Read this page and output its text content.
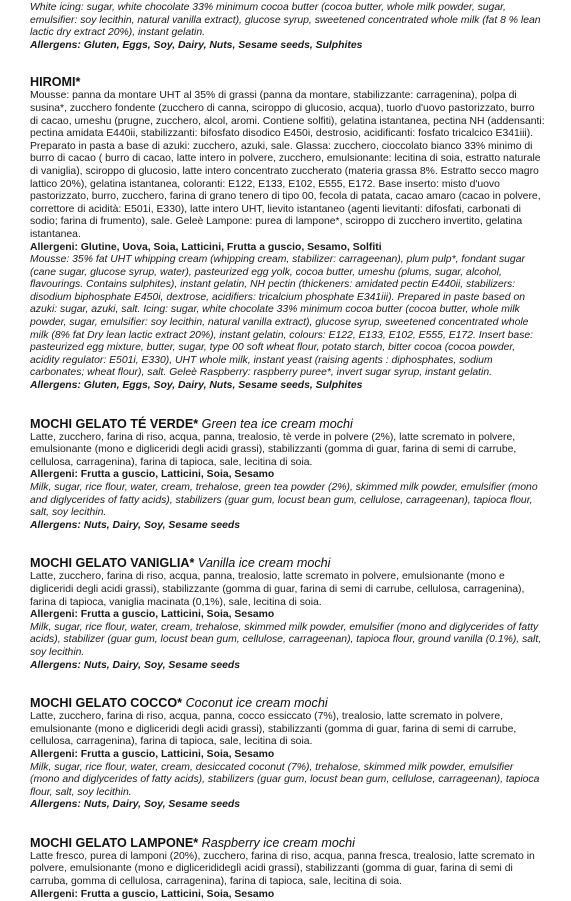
White icing: sugar, white chocolate 33% minimum cocoa butter (cocoa butter, whole milk powder, sugar, emulsifier: soy lecithin, natural vanilla extract), glucose syrup, sweetened concentrated whole milk (fat 8 % lean lactic dry extract 20%), instant gelatin.

Allergens: Gluten, Eggs, Soy, Dairy, Nuts, Sesame seeds, Sulphites

HIROMI*

Mousse: panna da montare UHT al 35% di grassi (panna da montare, stabilizzante: carragenina), polpa di susina*, zucchero fondente (zucchero di canna, sciroppo di glucosio, acqua), tuorlo d'uovo pastorizzato, burro di cacao, umeshu (prugne, zucchero, alcol, aromi. Contiene solfiti), gelatina istantanea, pectina NH (addensanti: pectina amidata E440ii, stabilizzanti: bifosfato disodico E450i, destrosio, acidificanti: fosfato tricalcico E341iii). Preparato in pasta a base di azuki: zucchero, azuki, sale. Glassa: zucchero, cioccolato bianco 33% minimo di burro di cacao ( burro di cacao, latte intero in polvere, zucchero, emulsionante: lecitina di soia, estratto naturale di vaniglia), sciroppo di glucosio, latte intero concentrato zuccherato (materia grassa 8%. Estratto secco magro lattico 20%), gelatina istantanea, coloranti: E122, E133, E102, E555, E172. Base inserto: misto d'uovo pastorizzato, burro, zucchero, farina di grano tenero di tipo 00, fecola di patata, cacao amaro (cacao in polvere, correttore di acidità: E501i, E330), latte intero UHT, lievito istantaneo (agenti lievitanti: difosfati, carbonati di sodio; farina di frumento), sale. Geleè Lampone: purea di lampone*, sciroppo di zucchero invertito, gelatina istantanea.

Allergeni: Glutine, Uova, Soia, Latticini, Frutta a guscio, Sesamo, Solfiti

Mousse: 35% fat UHT whipping cream (whipping cream, stabilizer: carrageenan), plum pulp*, fondant sugar (cane sugar, glucose syrup, water), pasteurized egg yolk, cocoa butter, umeshu (plums, sugar, alcohol, flavourings. Contains sulphites), instant gelatin, NH pectin (thickeners: amidated pectin E440ii, stabilizers: disodium biphosphate E450i, dextrose, acidifiers: tricalcium phosphate E341iii). Prepared in paste based on azuki: sugar, azuki, salt. Icing: sugar, white chocolate 33% minimum cocoa butter (cocoa butter, whole milk powder, sugar, emulsifier: soy lecithin, natural vanilla extract), glucose syrup, sweetened concentrated whole milk (8% fat Dry lean lactic extract 20%), instant gelatin, colours: E122, E133, E102, E555, E172. Insert base: pasteurized egg mixture, butter, sugar, type 00 soft wheat flour, potato starch, bitter cocoa (cocoa powder, acidity regulator: E501i, E330), UHT whole milk, instant yeast (raising agents : diphosphates, sodium carbonates; wheat flour), salt. Geleè Raspberry: raspberry puree*, invert sugar syrup, instant gelatin.

Allergens: Gluten, Eggs, Soy, Dairy, Nuts, Sesame seeds, Sulphites

MOCHI GELATO TÉ VERDE* Green tea ice cream mochi

Latte, zucchero, farina di riso, acqua, panna, trealosio, tè verde in polvere (2%), latte scremato in polvere, emulsionante (mono e digliceridi degli acidi grassi), stabilizzanti (gomma di guar, farina di semi di carrube, cellulosa, carragenina), farina di tapioca, sale, lecitina di soia.

Allergeni: Frutta a guscio, Latticini, Soia, Sesamo

Milk, sugar, rice flour, water, cream, trehalose, green tea powder (2%), skimmed milk powder, emulsifier (mono and diglycerides of fatty acids), stabilizers (guar gum, locust bean gum, cellulose, carrageenan), tapioca flour, salt, soy lecithin.

Allergens: Nuts, Dairy, Soy, Sesame seeds

MOCHI GELATO VANIGLIA* Vanilla ice cream mochi

Latte, zucchero, farina di riso, acqua, panna, trealosio, latte scremato in polvere, emulsionante (mono e digliceridi degli acidi grassi), stabilizzante (gomma di guar, farina di semi di carrube, cellulosa, carragenina), farina di tapioca, vaniglia macinata (0,1%), sale, lecitina di soia.

Allergeni: Frutta a guscio, Latticini, Soia, Sesamo

Milk, sugar, rice flour, water, cream, trehalose, skimmed milk powder, emulsifier (mono and diglycerides of fatty acids), stabilizer (guar gum, locust bean gum, cellulose, carrageenan), tapioca flour, ground vanilla (0.1%), salt, soy lecithin.

Allergens: Nuts, Dairy, Soy, Sesame seeds

MOCHI GELATO COCCO* Coconut ice cream mochi

Latte, zucchero, farina di riso, acqua, panna, cocco essiccato (7%), trealosio, latte scremato in polvere, emulsionante (mono e digliceridi degli acidi grassi), stabilizzanti (gomma di guar, farina di semi di carrube, cellulosa, carragenina), farina di tapioca, sale, lecitina di soia.

Allergeni: Frutta a guscio, Latticini, Soia, Sesamo

Milk, sugar, rice flour, water, cream, desiccated coconut (7%), trehalose, skimmed milk powder, emulsifier (mono and diglycerides of fatty acids), stabilizers (guar gum, locust bean gum, cellulose, carrageenan), tapioca flour, salt, soy lecithin.

Allergens: Nuts, Dairy, Soy, Sesame seeds

MOCHI GELATO LAMPONE* Raspberry ice cream mochi

Latte fresco, purea di lamponi (20%), zucchero, farina di riso, acqua, panna fresca, trealosio, latte scremato in polvere, emulsionante (mono e digliceridideglì acidi grassi), stabilizzanti (gomma di guar, farina di semi di carruba, gomma di cellulosa, carragenina), farina di tapioca, sale, lecitina di soia.

Allergeni: Frutta a guscio, Latticini, Soia, Sesamo
